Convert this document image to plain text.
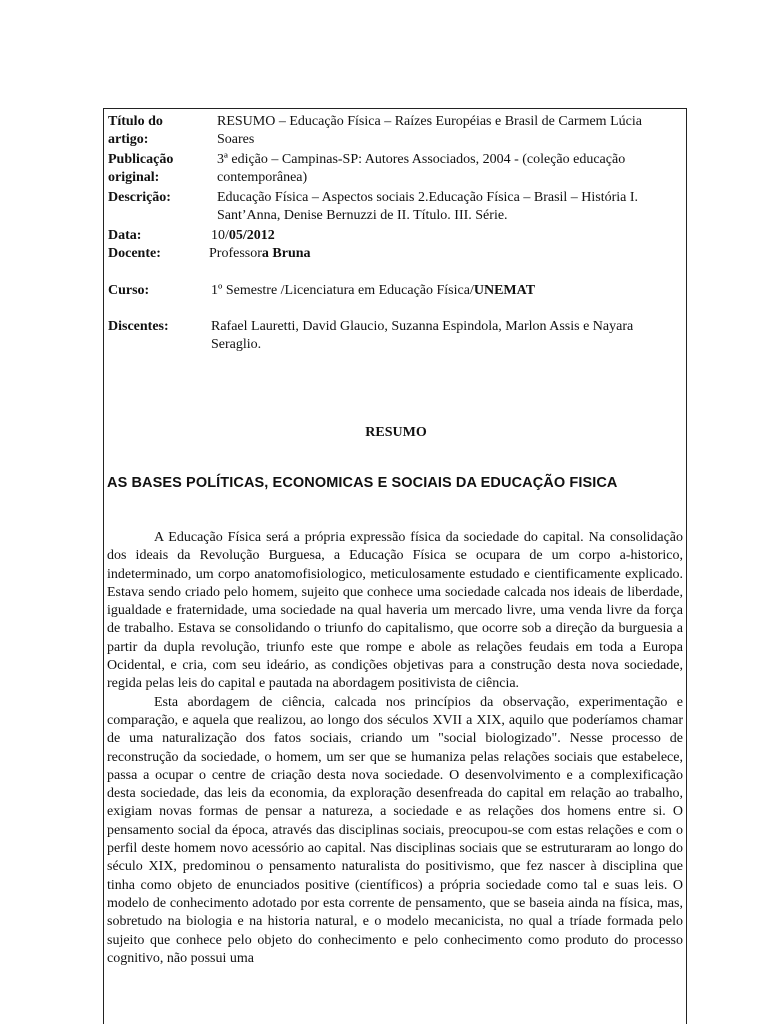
Título do artigo:
RESUMO – Educação Física – Raízes Européias e Brasil de Carmem Lúcia Soares
Publicação original:
3ª edição – Campinas-SP: Autores Associados, 2004 - (coleção educação contemporânea)
Descrição:	Educação Física – Aspectos sociais 2.Educação Física – Brasil – História I. Sant’Anna, Denise Bernuzzi de II. Título. III. Série.
Data:	10/05/2012
Docente:	Professora Bruna
Curso:	1º Semestre /Licenciatura em Educação Física/UNEMAT
Discentes:	Rafael Lauretti, David Glaucio, Suzanna Espindola, Marlon Assis e Nayara Seraglio.
RESUMO
AS BASES POLÍTICAS, ECONOMICAS E SOCIAIS DA EDUCAÇÃO FISICA

A Educação Física será a própria expressão física da sociedade do capital. Na consolidação dos ideais da Revolução Burguesa, a Educação Física se ocupara de um corpo a-historico, indeterminado, um corpo anatomofisiologico, meticulosamente estudado e cientificamente explicado. Estava sendo criado pelo homem, sujeito que conhece uma sociedade calcada nos ideais de liberdade, igualdade e fraternidade, uma sociedade na qual haveria um mercado livre, uma venda livre da força de trabalho. Estava se consolidando o triunfo do capitalismo, que ocorre sob a direção da burguesia a partir da dupla revolução, triunfo este que rompe e abole as relações feudais em toda a Europa Ocidental, e cria, com seu ideário, as condições objetivas para a construção desta nova sociedade, regida pelas leis do capital e pautada na abordagem positivista de ciência.

Esta abordagem de ciência, calcada nos princípios da observação, experimentação e comparação, e aquela que realizou, ao longo dos séculos XVII a XIX, aquilo que poderíamos chamar de uma naturalização dos fatos sociais, criando um "social biologizado". Nesse processo de reconstrução da sociedade, o homem, um ser que se humaniza pelas relações sociais que estabelece, passa a ocupar o centre de criação desta nova sociedade. O desenvolvimento e a complexificação desta sociedade, das leis da economia, da exploração desenfreada do capital em relação ao trabalho, exigiam novas formas de pensar a natureza, a sociedade e as relações dos homens entre si. O pensamento social da época, através das disciplinas sociais, preocupou-se com estas relações e com o perfil deste homem novo acessório ao capital. Nas disciplinas sociais que se estruturaram ao longo do século XIX, predominou o pensamento naturalista do positivismo, que fez nascer à disciplina que tinha como objeto de enunciados positive (científicos) a própria sociedade como tal e suas leis. O modelo de conhecimento adotado por esta corrente de pensamento, que se baseia ainda na física, mas, sobretudo na biologia e na historia natural, e o modelo mecanicista, no qual a tríade formada pelo sujeito que conhece pelo objeto do conhecimento e pelo conhecimento como produto do processo cognitivo, não possui uma
